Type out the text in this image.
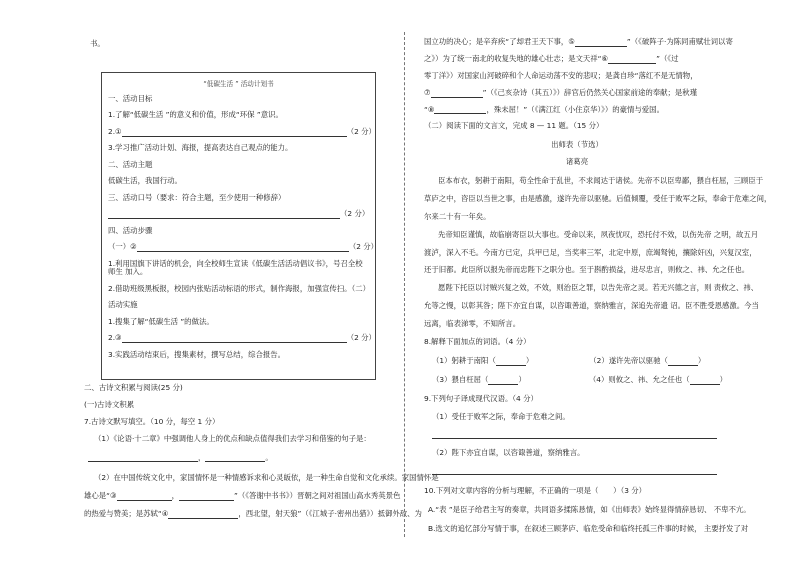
书。
“低碳生活 ” 活动计划书
一、活动目标
1.了解“低碳生活 ”的意义和价值，形成“环保 ”意识。
2.①	（2 分）
3.学习推广活动计划、海报，提高表达自己观点的能力。
二、活动主题
低碳生活，我国行动。
三、活动口号（要求：符合主题，至少使用一种修辞）
（2 分）
四、活动步骤
（一）②	（2 分）
1.利用国旗下讲话的机会，向全校师生宣读《低碳生活活动倡议书》，号召全校师生 加入。
2.借助班级黑板报，校园内张贴活动标语的形式，制作海报，加强宣传扫。（二）
活动实施
1.搜集了解“低碳生活 ”的做法。
2.③	（2 分）
3.实践活动结束后，搜集素材，撰写总结，综合报告。
二、古诗文积累与阅读(25 分)
(一)古诗文积累
7.古诗文默写填空。（10 分，每空 1 分）
（1）《论语·十二章》中强调他人身上的优点和缺点值得我们去学习和借鉴的句子是：
，	。
（2）在中国传统文化中，家国情怀是一种情感诉求和心灵皈依，是一种生命自觉和文化承续。家国情怀是
雄心是“③	，	”（《答谢中书书》）晋朝之间对祖国山高水秀英景色
的热爱与赞美；是苏轼“④	，西北望，射天狼”（《江城子·密州出猎》）抵御外敌、为
国立功的决心；是辛弃疾“了却君王天下事，⑤	”（《破阵子·为陈同甫赋壮词以寄
之》）为了统一南北的收复失地的雄心壮志；是文天祥“⑥	”（《过
零丁洋》）对国家山河破碎和个人命运动荡不安的悲叹；是龚自珍“落红不是无情物，
⑦	”（《己亥杂诗（其五）》）辞官后仍然关心国家前途的奉献；是秋瑾
“⑧	，殊未屈！”（《满江红（小住京华）》）的豪情与爱国。
（二）阅读下面的文言文，完成 8 — 11 题。（15 分）
出师表（节选）
诸葛亮
臣本布衣，躬耕于南阳，苟全性命于乱世，不求闻达于诸侯。先帝不以臣卑鄙，猥自枉屈，三顾臣于
草庐之中，咨臣以当世之事，由是感激，遂许先帝以驱驰。后值倾覆，受任于败军之际，奉命于危难之间，
尔来二十有一年矣。
先帝知臣谨慎，故临崩寄臣以大事也。受命以来，夙夜忧叹，恐托付不效，以伤先帝 之明，故五月
渡泸，深入不毛。今南方已定，兵甲已足，当奖率三军，北定中原，庶竭驽钝，攘除奸凶，兴复汉室，
还于旧都。此臣所以报先帝而忠陛下之职分也。至于斟酌损益，进尽忠言，则攸之、祎、允之任也。
愿陛下托臣以讨贼兴复之效，不效，则治臣之罪，以告先帝之灵。若无兴德之言，则 责攸之、祎、
允等之慢，以彰其咎；陛下亦宜自谋，以咨诹善道，察纳雅言，深追先帝遗 诏。臣不胜受恩感激。今当
远离，临表涕零，不知所言。
8.解释下面加点的词语。（4 分）
（1）躬耕于南阳（	）	（2）遂许先帝以驱驰（	）
（3）猥自枉屈（	）	（4）则攸之、祎、允之任也（	）
9.下列句子译成现代汉语。（4 分）
（1）受任于败军之际，奉命于危难之间。
（2）陛下亦宜自谋，以咨诹善道，察纳雅言。
10.下列对文章内容的分析与理解，不正确的一项是（　　）（3 分）
A.“表 ”是臣子给君主写的奏章，共同语多揉陈恳情，如《出师表》始终显得情辞恳切、 不卑不亢。
B.选文的追忆部分写情于事，在叙述三顾茅庐、临危受命和临终托孤三件事的时候， 主要抒发了对
